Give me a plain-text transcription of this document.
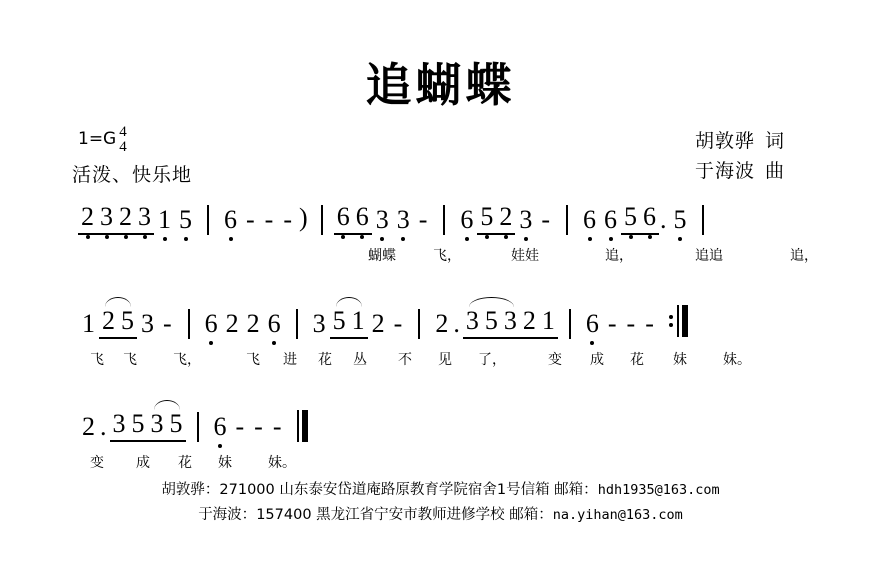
追蝴蝶
1=G 4
4
活泼、快乐地
胡敦骅 词
于海波 曲
2 3 2 3 1 5 6 - - - ) 6 6 3 3 - 6 5 2 3 - 6 6 5 6 . 5
蝴蝶	飞，	娃娃	追，	追追	追，
1 2 5 3 - 6 2 2 6 3 5 1 2 - 2 . 3 5 3 2 1 6 - - -
飞 飞	飞，	飞 进 花 丛 不 见 了，	变 成 花 妹	妹。
2 . 3 5 3 5 6 - - -
变 成 花 妹	妹。
胡敦骅：271000 山东泰安岱道庵路原教育学院宿舍1号信箱 邮箱：hdh1935@163.com
于海波：157400 黑龙江省宁安市教师进修学校 邮箱：na.yihan@163.com
